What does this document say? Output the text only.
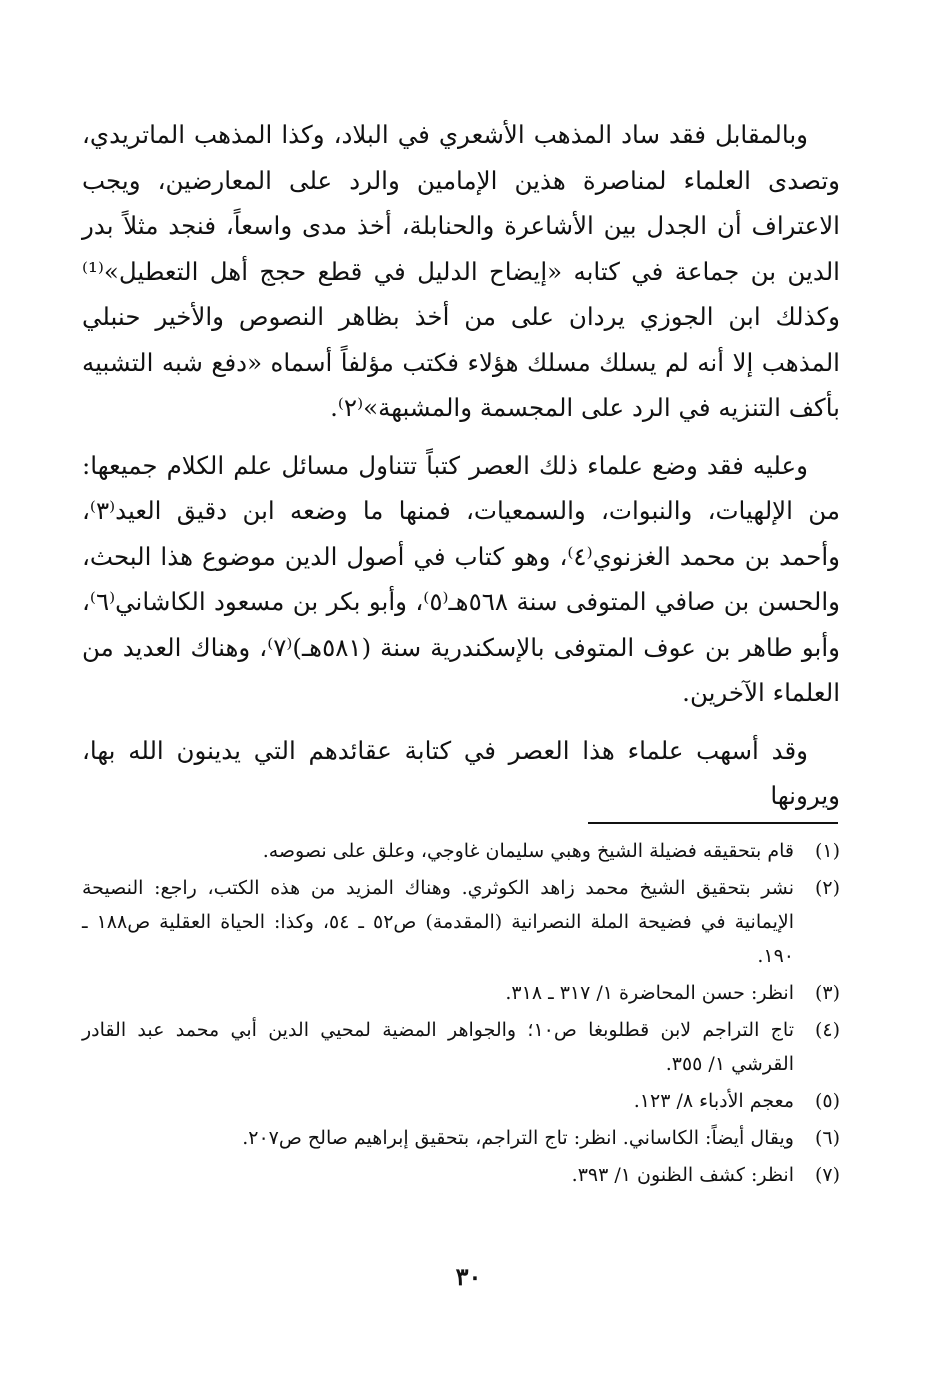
وبالمقابل فقد ساد المذهب الأشعري في البلاد، وكذا المذهب الماتريدي، وتصدى العلماء لمناصرة هذين الإمامين والرد على المعارضين، ويجب الاعتراف أن الجدل بين الأشاعرة والحنابلة، أخذ مدى واسعاً، فنجد مثلاً بدر الدين بن جماعة في كتابه «إيضاح الدليل في قطع حجج أهل التعطيل»⁽¹⁾ وكذلك ابن الجوزي يردان على من أخذ بظاهر النصوص والأخير حنبلي المذهب إلا أنه لم يسلك مسلك هؤلاء فكتب مؤلفاً أسماه «دفع شبه التشبيه بأكف التنزيه في الرد على المجسمة والمشبهة»⁽٢⁾.

وعليه فقد وضع علماء ذلك العصر كتباً تتناول مسائل علم الكلام جميعها: من الإلهيات، والنبوات، والسمعيات، فمنها ما وضعه ابن دقيق العيد⁽٣⁾، وأحمد بن محمد الغزنوي⁽٤⁾، وهو كتاب في أصول الدين موضوع هذا البحث، والحسن بن صافي المتوفى سنة ٥٦٨هـ⁽٥⁾، وأبو بكر بن مسعود الكاشاني⁽٦⁾، وأبو طاهر بن عوف المتوفى بالإسكندرية سنة (٥٨١هـ)⁽٧⁾، وهناك العديد من العلماء الآخرين.

وقد أسهب علماء هذا العصر في كتابة عقائدهم التي يدينون الله بها، ويرونها

(١)
قام بتحقيقه فضيلة الشيخ وهبي سليمان غاوجي، وعلق على نصوصه.
(٢)
نشر بتحقيق الشيخ محمد زاهد الكوثري. وهناك المزيد من هذه الكتب، راجع: النصيحة الإيمانية في فضيحة الملة النصرانية (المقدمة) ص٥٢ ـ ٥٤، وكذا: الحياة العقلية ص١٨٨ ـ ١٩٠.
(٣)
انظر: حسن المحاضرة ١/ ٣١٧ ـ ٣١٨.
(٤)
تاج التراجم لابن قطلوبغا ص١٠؛ والجواهر المضية لمحيي الدين أبي محمد عبد القادر القرشي ١/ ٣٥٥.
(٥)
معجم الأدباء ٨/ ١٢٣.
(٦)
ويقال أيضاً: الكاساني. انظر: تاج التراجم، بتحقيق إبراهيم صالح ص٢٠٧.
(٧)
انظر: كشف الظنون ١/ ٣٩٣.
٣٠
